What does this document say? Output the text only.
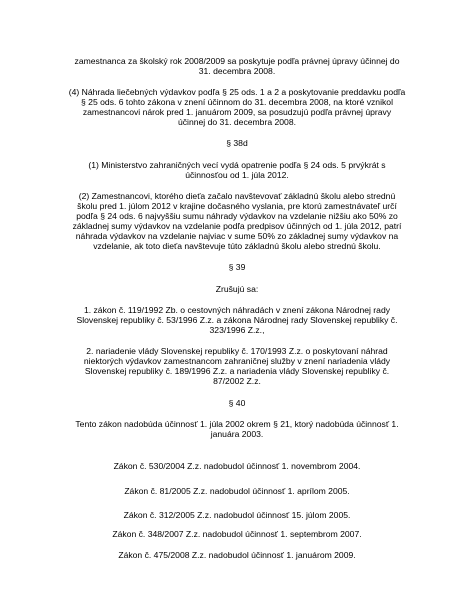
zamestnanca za školský rok 2008/2009 sa poskytuje podľa právnej úpravy účinnej do
31. decembra 2008.
(4) Náhrada liečebných výdavkov podľa § 25 ods. 1 a 2 a poskytovanie preddavku podľa
§ 25 ods. 6 tohto zákona v znení účinnom do 31. decembra 2008, na ktoré vznikol
zamestnancovi nárok pred 1. januárom 2009, sa posudzujú podľa právnej úpravy
účinnej do 31. decembra 2008.
§ 38d
(1) Ministerstvo zahraničných vecí vydá opatrenie podľa § 24 ods. 5 prvýkrát s
účinnosťou od 1. júla 2012.
(2) Zamestnancovi, ktorého dieťa začalo navštevovať základnú školu alebo strednú
školu pred 1. júlom 2012 v krajine dočasného vyslania, pre ktorú zamestnávateľ určí
podľa § 24 ods. 6 najvyššiu sumu náhrady výdavkov na vzdelanie nižšiu ako 50% zo
základnej sumy výdavkov na vzdelanie podľa predpisov účinných od 1. júla 2012, patrí
náhrada výdavkov na vzdelanie najviac v sume 50% zo základnej sumy výdavkov na
vzdelanie, ak toto dieťa navštevuje túto základnú školu alebo strednú školu.
§ 39
Zrušujú sa:
1. zákon č. 119/1992 Zb. o cestovných náhradách v znení zákona Národnej rady
Slovenskej republiky č. 53/1996 Z.z. a zákona Národnej rady Slovenskej republiky č.
323/1996 Z.z.,
2. nariadenie vlády Slovenskej republiky č. 170/1993 Z.z. o poskytovaní náhrad
niektorých výdavkov zamestnancom zahraničnej služby v znení nariadenia vlády
Slovenskej republiky č. 189/1996 Z.z. a nariadenia vlády Slovenskej republiky č.
87/2002 Z.z.
§ 40
Tento zákon nadobúda účinnosť 1. júla 2002 okrem § 21, ktorý nadobúda účinnosť 1.
januára 2003.
Zákon č. 530/2004 Z.z. nadobudol účinnosť 1. novembrom 2004.
Zákon č. 81/2005 Z.z. nadobudol účinnosť 1. aprílom 2005.
Zákon č. 312/2005 Z.z. nadobudol účinnosť 15. júlom 2005.
Zákon č. 348/2007 Z.z. nadobudol účinnosť 1. septembrom 2007.
Zákon č. 475/2008 Z.z. nadobudol účinnosť 1. januárom 2009.
